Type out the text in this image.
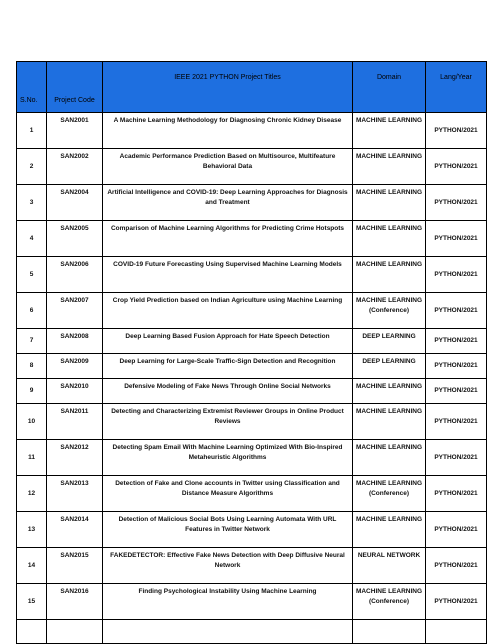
S.No.	Project Code	IEEE 2021 PYTHON Project Titles	Domain	Lang/Year
1	SAN2001	A Machine Learning Methodology for Diagnosing Chronic Kidney Disease	MACHINE LEARNING	PYTHON/2021
2	SAN2002	Academic Performance Prediction Based on Multisource, Multifeature Behavioral Data	MACHINE LEARNING	PYTHON/2021
3	SAN2004	Artificial Intelligence and COVID-19: Deep Learning Approaches for Diagnosis and Treatment	MACHINE LEARNING	PYTHON/2021
4	SAN2005	Comparison of Machine Learning Algorithms for Predicting Crime Hotspots	MACHINE LEARNING	PYTHON/2021
5	SAN2006	COVID-19 Future Forecasting Using Supervised Machine Learning Models	MACHINE LEARNING	PYTHON/2021
6	SAN2007	Crop Yield Prediction based on Indian Agriculture using Machine Learning	MACHINE LEARNING (Conference)	PYTHON/2021
7	SAN2008	Deep Learning Based Fusion Approach for Hate Speech Detection	DEEP LEARNING	PYTHON/2021
8	SAN2009	Deep Learning for Large-Scale Traffic-Sign Detection and Recognition	DEEP LEARNING	PYTHON/2021
9	SAN2010	Defensive Modeling of Fake News Through Online Social Networks	MACHINE LEARNING	PYTHON/2021
10	SAN2011	Detecting and Characterizing Extremist Reviewer Groups in Online Product Reviews	MACHINE LEARNING	PYTHON/2021
11	SAN2012	Detecting Spam Email With Machine Learning Optimized With Bio-Inspired Metaheuristic Algorithms	MACHINE LEARNING	PYTHON/2021
12	SAN2013	Detection of Fake and Clone accounts in Twitter using Classification and Distance Measure Algorithms	MACHINE LEARNING (Conference)	PYTHON/2021
13	SAN2014	Detection of Malicious Social Bots Using Learning Automata With URL Features in Twitter Network	MACHINE LEARNING	PYTHON/2021
14	SAN2015	FAKEDETECTOR: Effective Fake News Detection with Deep Diffusive Neural Network	NEURAL NETWORK	PYTHON/2021
15	SAN2016	Finding Psychological Instability Using Machine Learning	MACHINE LEARNING (Conference)	PYTHON/2021
